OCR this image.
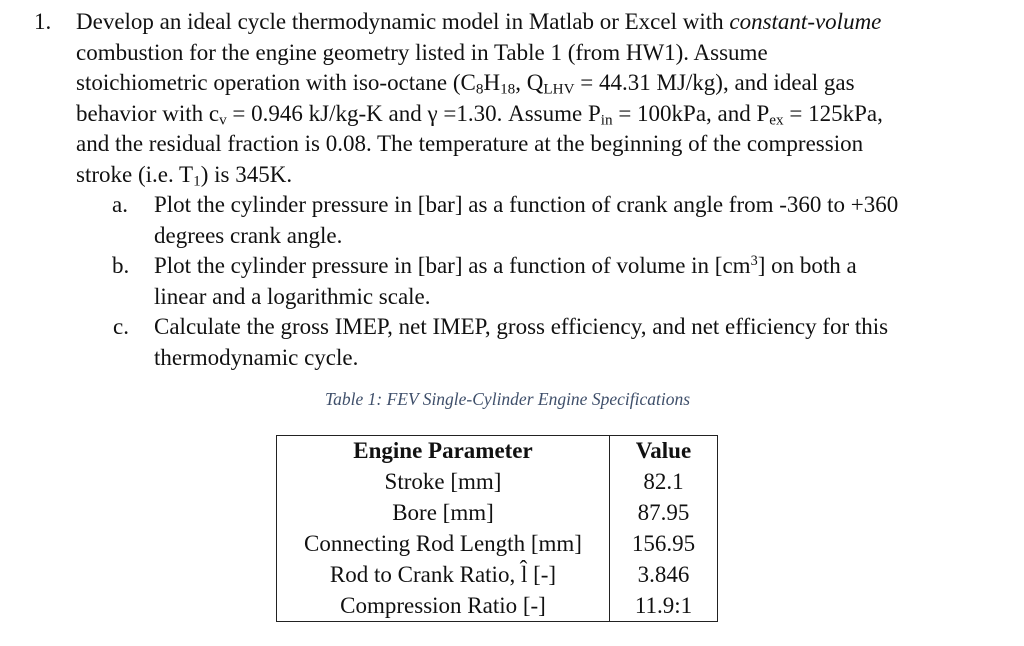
1. Develop an ideal cycle thermodynamic model in Matlab or Excel with constant-volume
combustion for the engine geometry listed in Table 1 (from HW1). Assume
stoichiometric operation with iso-octane ($C_8H_{18}$, $Q_{LHV} = 44.31$ MJ/kg), and ideal gas
behavior with $c_v = 0.946$ kJ/kg-K and γ =1.30. Assume $P_{in} = 100kPa$, and $P_{ex} = 125kPa$,
and the residual fraction is 0.08. The temperature at the beginning of the compression
stroke (i.e. $T_1$) is 345K.
a. Plot the cylinder pressure in [bar] as a function of crank angle from -360 to +360
degrees crank angle.
b. Plot the cylinder pressure in [bar] as a function of volume in $[cm^3]$ on both a
linear and a logarithmic scale.
c. Calculate the gross IMEP, net IMEP, gross efficiency, and net efficiency for this
thermodynamic cycle.
Table 1: FEV Single-Cylinder Engine Specifications
Engine Parameter	Value
Stroke [mm]	82.1
Bore [mm]	87.95
Connecting Rod Length [mm]	156.95
Rod to Crank Ratio, l̂ [-]	3.846
Compression Ratio [-]	11.9:1
